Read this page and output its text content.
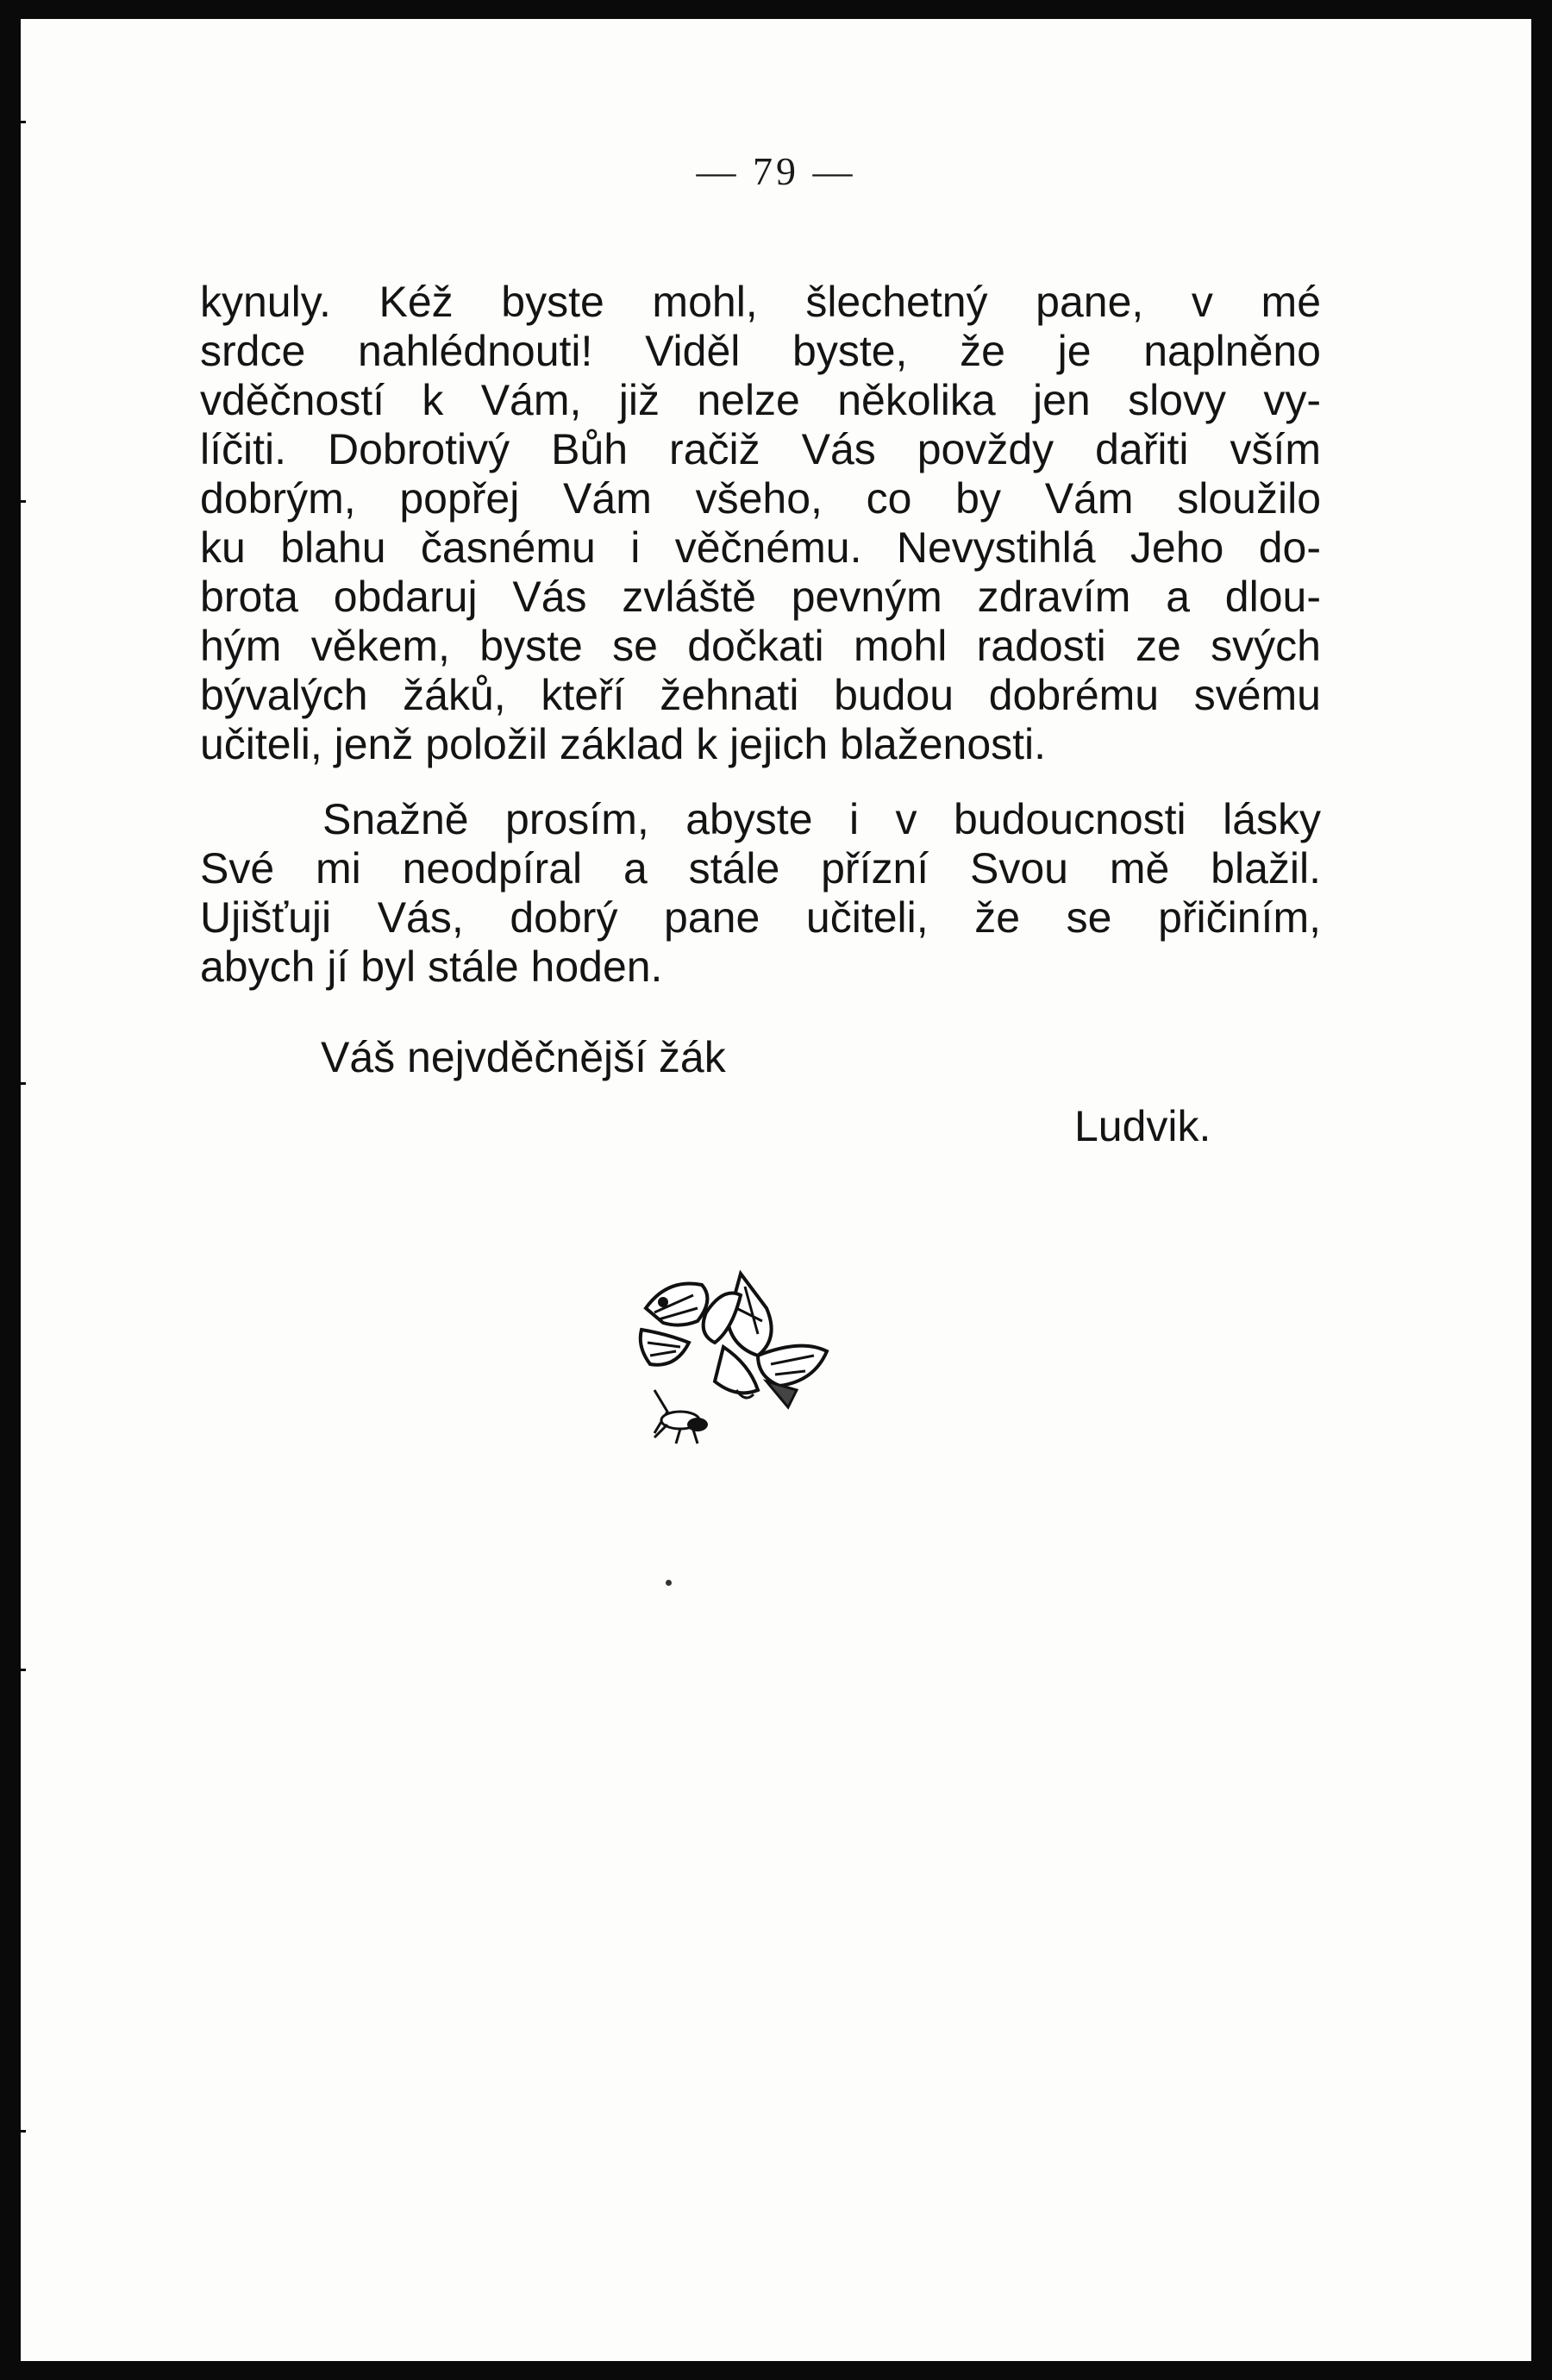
— 79 —
kynuly. Kéž byste mohl, šlechetný pane, v mé
srdce nahlédnouti! Viděl byste, že je naplněno
vděčností k Vám, již nelze několika jen slovy vy-
líčiti. Dobrotivý Bůh račiž Vás povždy dařiti vším
dobrým, popřej Vám všeho, co by Vám sloužilo
ku blahu časnému i věčnému. Nevystihlá Jeho do-
brota obdaruj Vás zvláště pevným zdravím a dlou-
hým věkem, byste se dočkati mohl radosti ze svých
bývalých žáků, kteří žehnati budou dobrému svému
učiteli, jenž položil základ k jejich blaženosti.
Snažně prosím, abyste i v budoucnosti lásky
Své mi neodpíral a stále přízní Svou mě blažil.
Ujišťuji Vás, dobrý pane učiteli, že se přičiním,
abych jí byl stále hoden.
Váš nejvděčnější žák
Ludvik.
